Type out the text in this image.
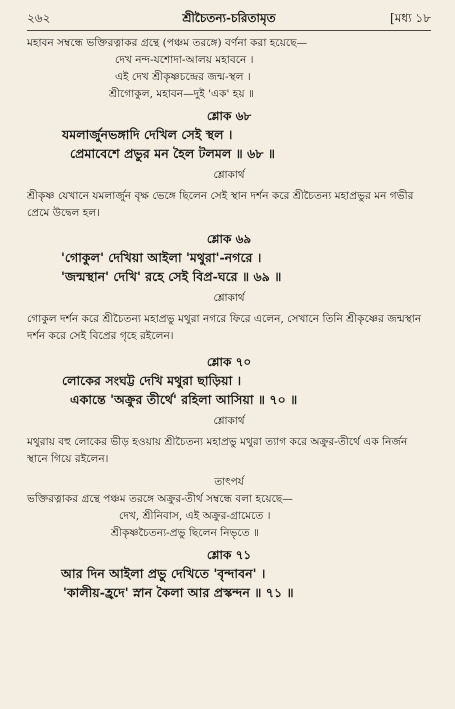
২৬২	শ্রীচৈতন্য-চরিতামৃত	[মধ্য ১৮

মহাবন সম্বন্ধে ভক্তিরত্নাকর গ্রন্থে (পঞ্চম তরঙ্গে) বর্ণনা করা হয়েছে—

দেখ নন্দ-যশোদা-আলয় মহাবনে ।

এই দেখ শ্রীকৃষ্ণচন্দ্রের জন্ম-স্থল ।

শ্রীগোকুল, মহাবন—দুই 'এক' হয় ॥

শ্লোক ৬৮

যমলার্জুনভঙ্গাদি দেখিল সেই স্থল ।

প্রেমাবেশে প্রভুর মন হৈল টলমল ॥ ৬৮ ॥

শ্লোকার্থ

শ্রীকৃষ্ণ যেখানে যমলার্জুন বৃক্ষ ভেঙ্গে ছিলেন সেই স্থান দর্শন করে শ্রীচৈতন্য মহাপ্রভুর মন গভীর প্রেমে উদ্বেল হল।

শ্লোক ৬৯

'গোকুল' দেখিয়া আইলা 'মথুরা'-নগরে ।

'জন্মস্থান' দেখি' রহে সেই বিপ্র-ঘরে ॥ ৬৯ ॥

শ্লোকার্থ

গোকুল দর্শন করে শ্রীচৈতন্য মহাপ্রভু মথুরা নগরে ফিরে এলেন, সেখানে তিনি শ্রীকৃষ্ণের জন্মস্থান দর্শন করে সেই বিপ্রের গৃহে রইলেন।

শ্লোক ৭০

লোকের সংঘট্ট দেখি মথুরা ছাড়িয়া ।

একান্তে 'অক্রুর তীর্থে' রহিলা আসিয়া ॥ ৭০ ॥

শ্লোকার্থ

মথুরায় বহু লোকের ভীড় হওয়ায় শ্রীচৈতন্য মহাপ্রভু মথুরা ত্যাগ করে অক্রুর-তীর্থে এক নির্জন স্থানে গিয়ে রইলেন।

তাৎপর্য

ভক্তিরত্নাকর গ্রন্থে পঞ্চম তরঙ্গে অক্রুর-তীর্থ সম্বন্ধে বলা হয়েছে—

দেখ, শ্রীনিবাস, এই অক্রুর-গ্রামেতে ।

শ্রীকৃষ্ণচৈতন্য-প্রভু ছিলেন নিভৃতে ॥

শ্লোক ৭১

আর দিন আইলা প্রভু দেখিতে 'বৃন্দাবন' ।

'কালীয়-হ্রদে' স্নান কৈলা আর প্রস্কন্দন ॥ ৭১ ॥
